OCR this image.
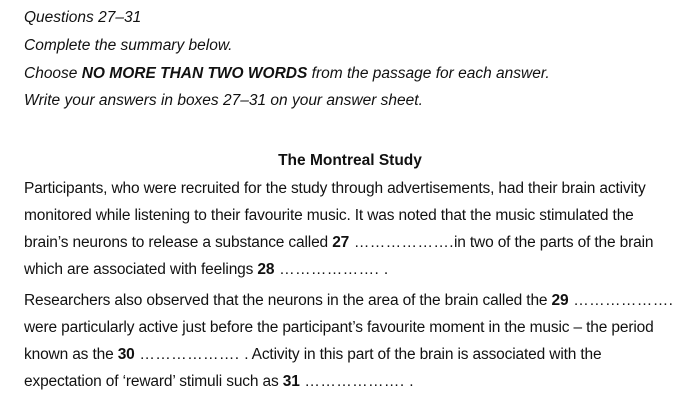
Questions 27–31
Complete the summary below.
Choose NO MORE THAN TWO WORDS from the passage for each answer.
Write your answers in boxes 27–31 on your answer sheet.
The Montreal Study
Participants, who were recruited for the study through advertisements, had their brain activity
monitored while listening to their favourite music. It was noted that the music stimulated the
brain’s neurons to release a substance called 27 ……………….in two of the parts of the brain
which are associated with feelings 28 ………………. .
Researchers also observed that the neurons in the area of the brain called the 29 ……………….
were particularly active just before the participant’s favourite moment in the music – the period
known as the 30 ………………. . Activity in this part of the brain is associated with the
expectation of ‘reward’ stimuli such as 31 ………………. .
